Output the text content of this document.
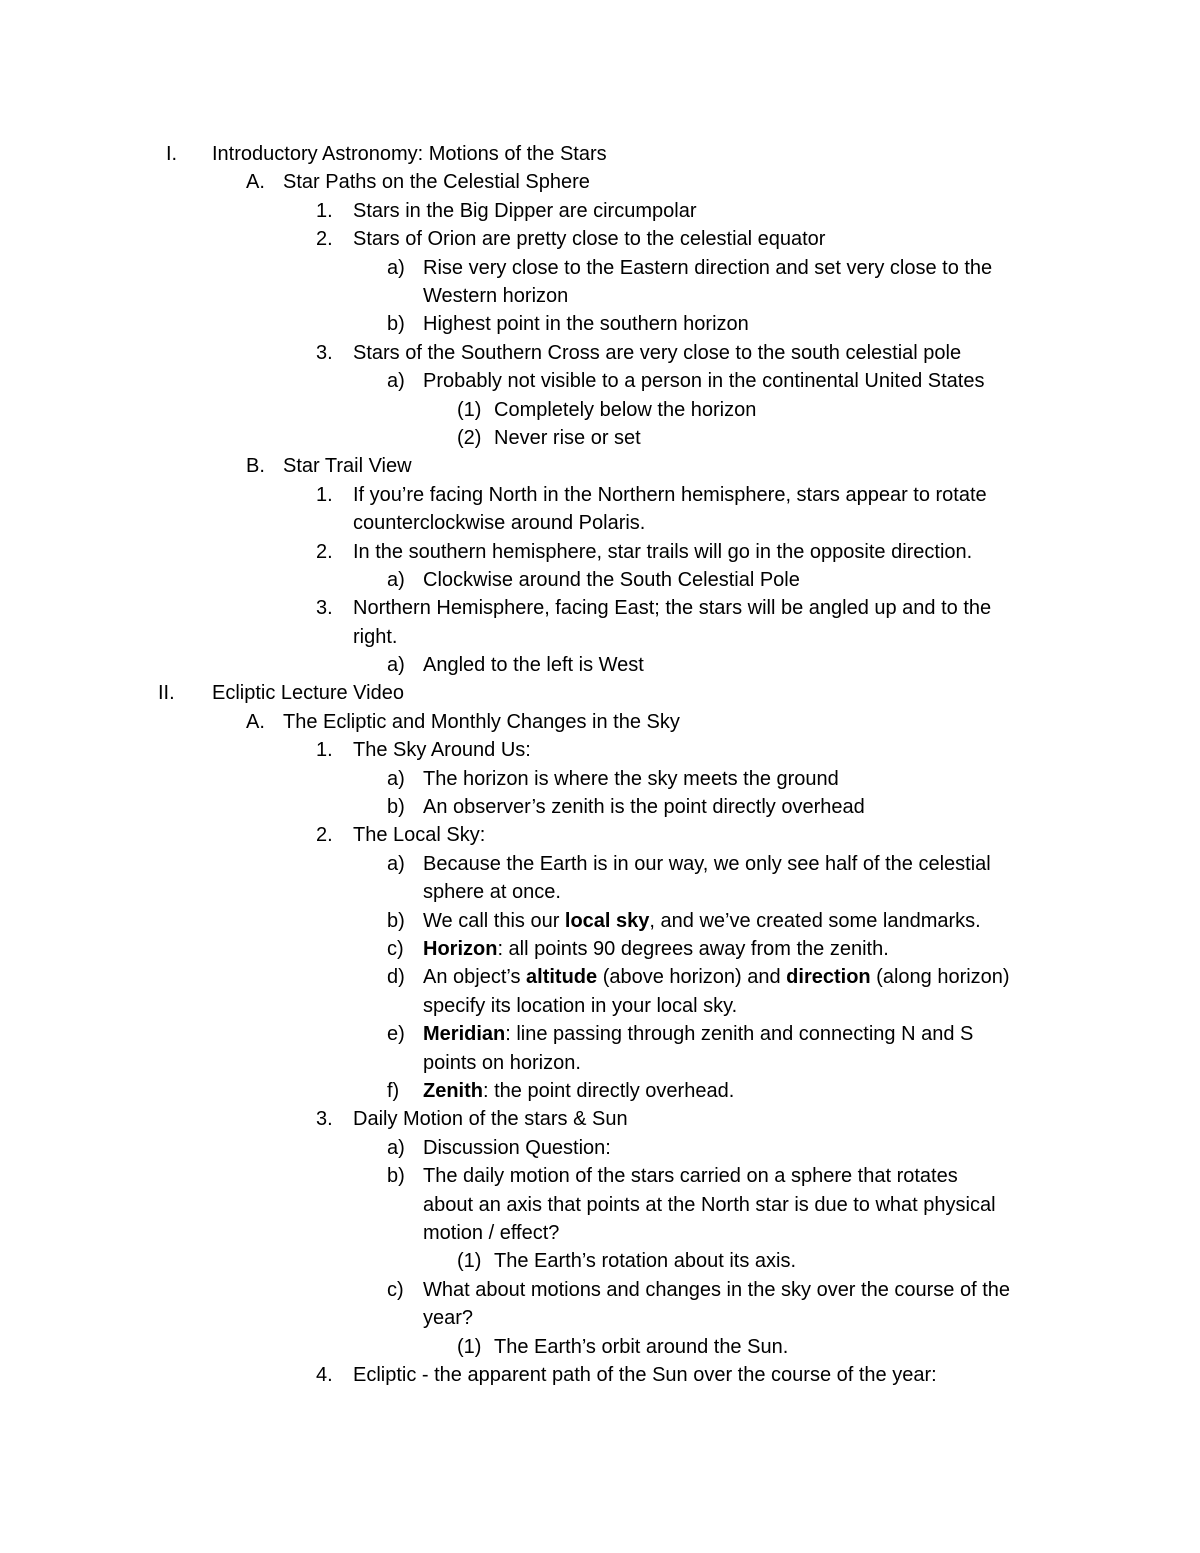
I.	Introductory Astronomy: Motions of the Stars
A. Star Paths on the Celestial Sphere
1. Stars in the Big Dipper are circumpolar
2. Stars of Orion are pretty close to the celestial equator
a) Rise very close to the Eastern direction and set very close to the
Western horizon
b) Highest point in the southern horizon
3. Stars of the Southern Cross are very close to the south celestial pole
a) Probably not visible to a person in the continental United States
(1) Completely below the horizon
(2) Never rise or set
B. Star Trail View
1. If you’re facing North in the Northern hemisphere, stars appear to rotate
counterclockwise around Polaris.
2. In the southern hemisphere, star trails will go in the opposite direction.
a) Clockwise around the South Celestial Pole
3. Northern Hemisphere, facing East; the stars will be angled up and to the
right.
a) Angled to the left is West
II.	Ecliptic Lecture Video
A. The Ecliptic and Monthly Changes in the Sky
1. The Sky Around Us:
a) The horizon is where the sky meets the ground
b) An observer’s zenith is the point directly overhead
2. The Local Sky:
a) Because the Earth is in our way, we only see half of the celestial
sphere at once.
b) We call this our local sky, and we’ve created some landmarks.
c) Horizon: all points 90 degrees away from the zenith.
d) An object’s altitude (above horizon) and direction (along horizon)
specify its location in your local sky.
e) Meridian: line passing through zenith and connecting N and S
points on horizon.
f) Zenith: the point directly overhead.
3. Daily Motion of the stars & Sun
a) Discussion Question:
b) The daily motion of the stars carried on a sphere that rotates
about an axis that points at the North star is due to what physical
motion / effect?
(1) The Earth’s rotation about its axis.
c) What about motions and changes in the sky over the course of the
year?
(1) The Earth’s orbit around the Sun.
4. Ecliptic - the apparent path of the Sun over the course of the year:
